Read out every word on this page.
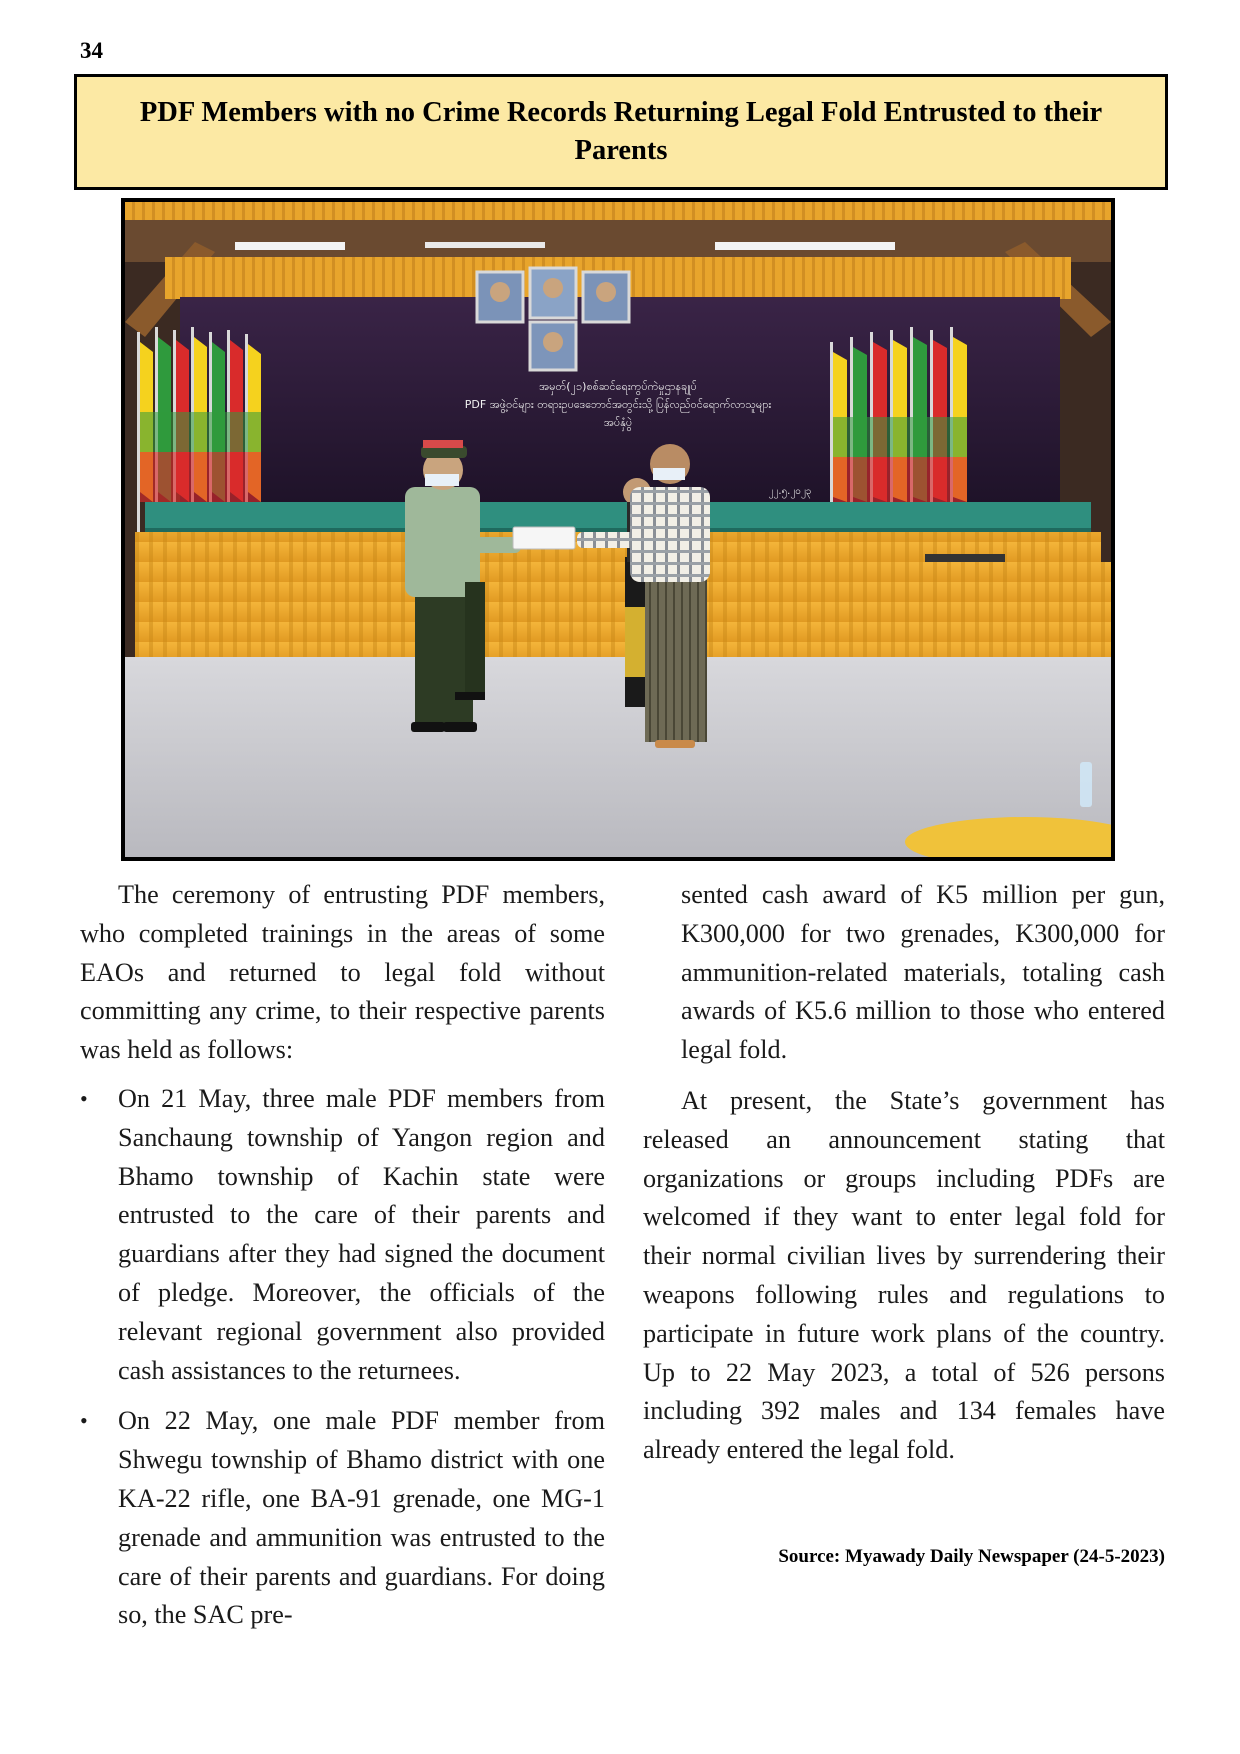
34
PDF Members with no Crime Records Returning Legal Fold Entrusted to their Parents
အမှတ်(၂၁)စစ်ဆင်ရေးကွပ်ကဲမှုဌာနချုပ်
PDF အဖွဲ့ဝင်များ တရားဥပဒေဘောင်အတွင်းသို့ ပြန်လည်ဝင်ရောက်လာသူများ
အပ်နှံပွဲ
၂၂.၅.၂၀၂၃

The ceremony of entrusting PDF members, who completed trainings in the areas of some EAOs and returned to legal fold without committing any crime, to their respective parents was held as follows:

•	On 21 May, three male PDF members from Sanchaung township of Yangon region and Bhamo township of Kachin state were entrusted to the care of their parents and guardians after they had signed the document of pledge. Moreover, the officials of the relevant regional government also provided cash assistances to the returnees.
•	On 22 May, one male PDF member from Shwegu township of Bhamo district with one KA-22 rifle, one BA-91 grenade, one MG-1 grenade and ammunition was entrusted to the care of their parents and guardians. For doing so, the SAC pre-

sented cash award of K5 million per gun, K300,000 for two grenades, K300,000 for ammunition-related materials, totaling cash awards of K5.6 million to those who entered legal fold.

At present, the State’s government has released an announcement stating that organizations or groups including PDFs are welcomed if they want to enter legal fold for their normal civilian lives by surrendering their weapons following rules and regulations to participate in future work plans of the country. Up to 22 May 2023, a total of 526 persons including 392 males and 134 females have already entered the legal fold.

Source: Myawady Daily Newspaper (24-5-2023)
